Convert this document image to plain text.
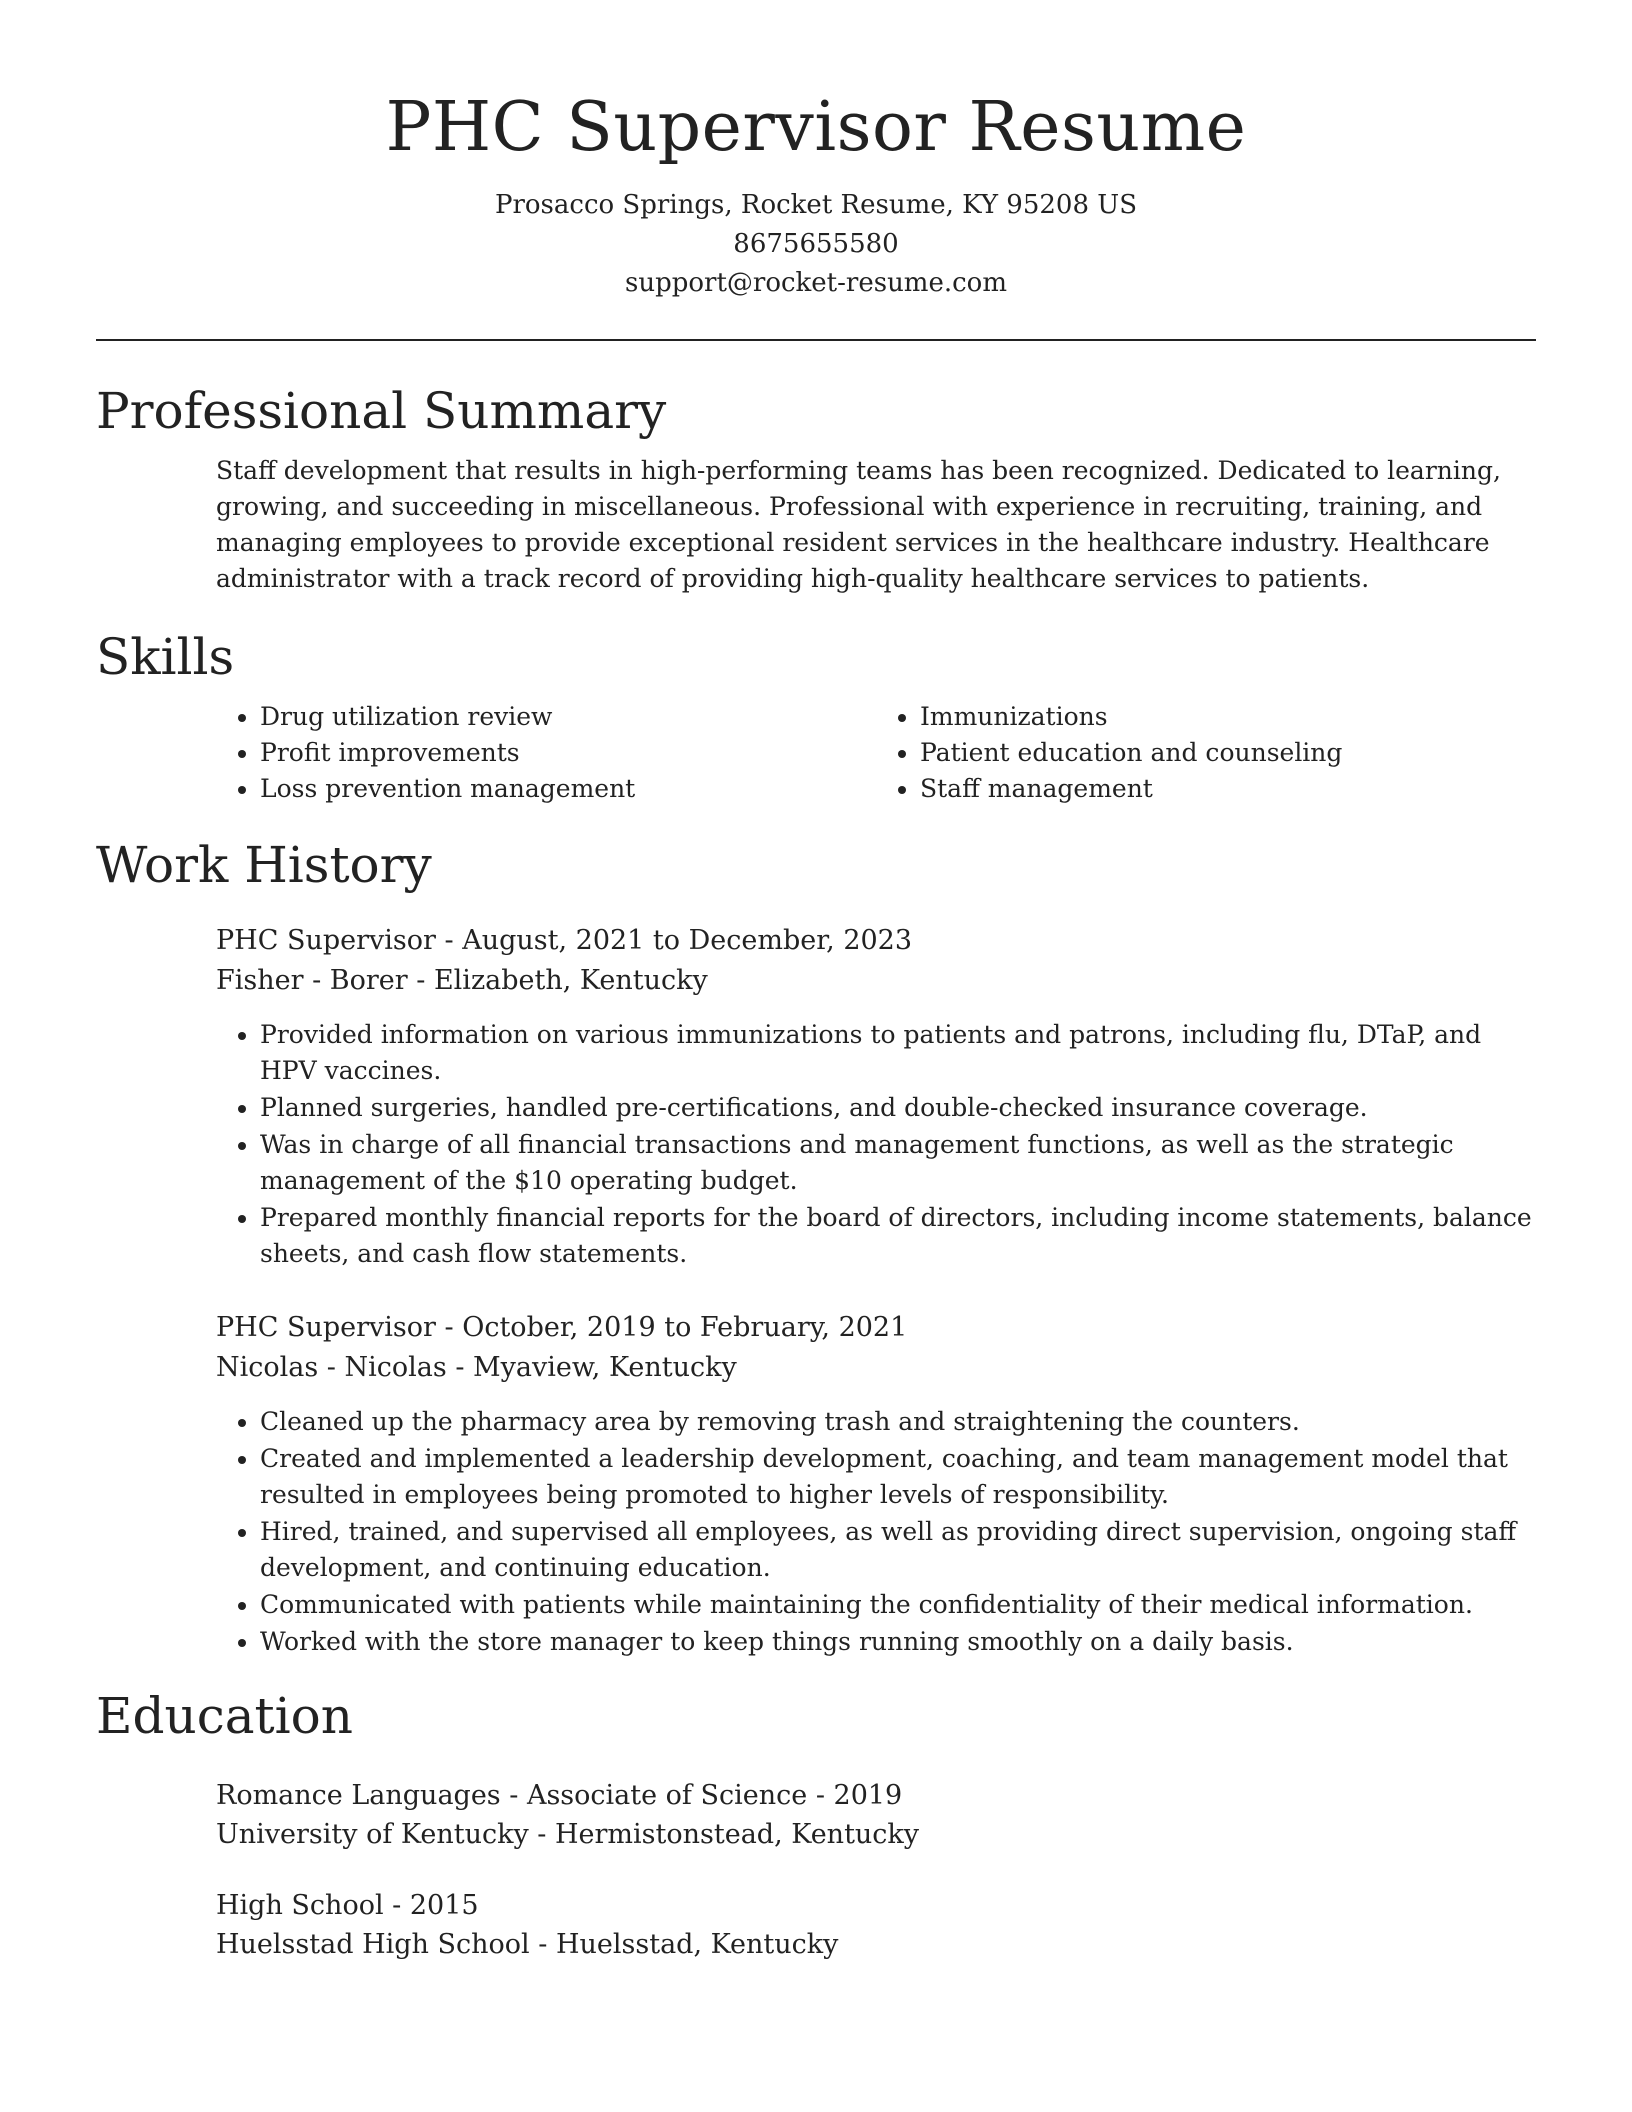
PHC Supervisor Resume
Prosacco Springs, Rocket Resume, KY 95208 US
8675655580
support@rocket-resume.com
Professional Summary
Staff development that results in high-performing teams has been recognized. Dedicated to learning, growing, and succeeding in miscellaneous. Professional with experience in recruiting, training, and managing employees to provide exceptional resident services in the healthcare industry. Healthcare administrator with a track record of providing high-quality healthcare services to patients.
Skills
• Drug utilization review
• Profit improvements
• Loss prevention management
• Immunizations
• Patient education and counseling
• Staff management
Work History
PHC Supervisor - August, 2021 to December, 2023
Fisher - Borer - Elizabeth, Kentucky
• Provided information on various immunizations to patients and patrons, including flu, DTaP, and HPV vaccines.
• Planned surgeries, handled pre-certifications, and double-checked insurance coverage.
• Was in charge of all financial transactions and management functions, as well as the strategic management of the $10 operating budget.
• Prepared monthly financial reports for the board of directors, including income statements, balance sheets, and cash flow statements.
PHC Supervisor - October, 2019 to February, 2021
Nicolas - Nicolas - Myaview, Kentucky
• Cleaned up the pharmacy area by removing trash and straightening the counters.
• Created and implemented a leadership development, coaching, and team management model that resulted in employees being promoted to higher levels of responsibility.
• Hired, trained, and supervised all employees, as well as providing direct supervision, ongoing staff development, and continuing education.
• Communicated with patients while maintaining the confidentiality of their medical information.
• Worked with the store manager to keep things running smoothly on a daily basis.
Education
Romance Languages - Associate of Science - 2019
University of Kentucky - Hermistonstead, Kentucky
High School - 2015
Huelsstad High School - Huelsstad, Kentucky
